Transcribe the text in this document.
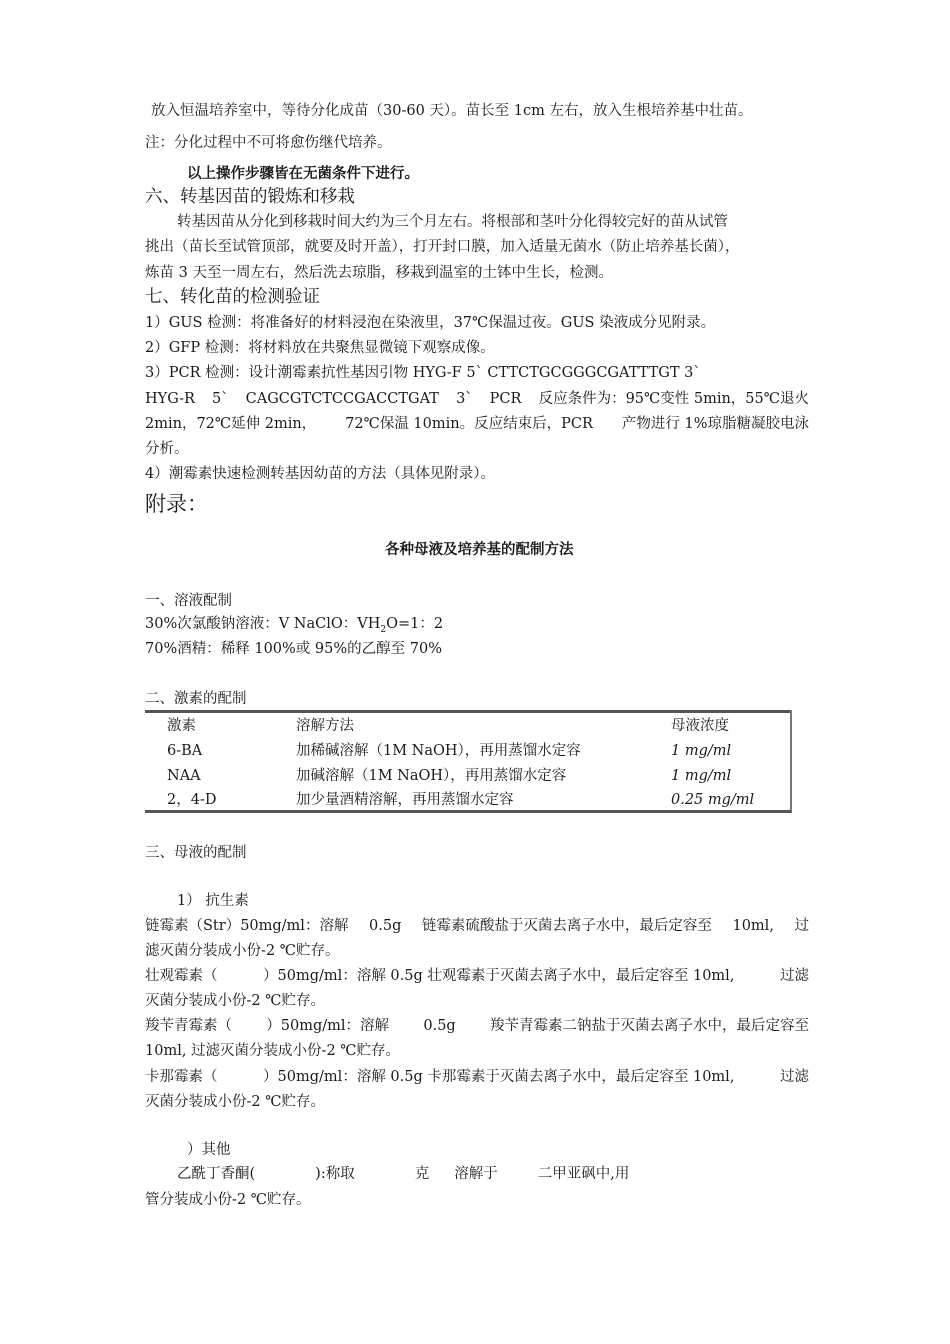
放入恒温培养室中，等待分化成苗（30-60 天）。苗长至 1cm 左右，放入生根培养基中壮苗。
注：分化过程中不可将愈伤继代培养。
以上操作步骤皆在无菌条件下进行。
六、转基因苗的锻炼和移栽
转基因苗从分化到移栽时间大约为三个月左右。将根部和茎叶分化得较完好的苗从试管
挑出（苗长至试管顶部，就要及时开盖），打开封口膜，加入适量无菌水（防止培养基长菌），
炼苗 3 天至一周左右，然后洗去琼脂，移栽到温室的土钵中生长，检测。
七、转化苗的检测验证
1）GUS 检测：将准备好的材料浸泡在染液里，37℃保温过夜。GUS 染液成分见附录。
2）GFP 检测：将材料放在共聚焦显微镜下观察成像。
3）PCR 检测：设计潮霉素抗性基因引物 HYG-F 5` CTTCTGCGGGCGATTTGT 3`
HYG-R 5` CAGCGTCTCCGACCTGAT 3` PCR 反应条件为：95℃变性 5min，55℃退火
2min，72℃延伸 2min， 72℃保温 10min。反应结束后，PCR 产物进行 1%琼脂糖凝胶电泳
分析。
4）潮霉素快速检测转基因幼苗的方法（具体见附录）。
附录：
各种母液及培养基的配制方法
一、溶液配制
30%次氯酸钠溶液：V NaClO：$VH_2O=1$：2
70%酒精：稀释 100%或 95%的乙醇至 70%
二、激素的配制
激素	溶解方法	母液浓度
6-BA	加稀碱溶解（1M NaOH），再用蒸馏水定容	1 mg/ml
NAA	加碱溶解（1M NaOH），再用蒸馏水定容	1 mg/ml
2，4-D	加少量酒精溶解，再用蒸馏水定容	0.25 mg/ml
三、母液的配制
1） 抗生素
链霉素（Str）50mg/ml：溶解 0.5g 链霉素硫酸盐于灭菌去离子水中，最后定容至 10ml, 过
滤灭菌分装成小份-2 ℃贮存。
壮观霉素（	）50mg/ml：溶解 0.5g 壮观霉素于灭菌去离子水中，最后定容至 10ml,	过滤
灭菌分装成小份-2 ℃贮存。
羧苄青霉素（ ）50mg/ml：溶解 0.5g 羧苄青霉素二钠盐于灭菌去离子水中，最后定容至
10ml, 过滤灭菌分装成小份-2 ℃贮存。
卡那霉素（	）50mg/ml：溶解 0.5g 卡那霉素于灭菌去离子水中，最后定容至 10ml,	过滤
灭菌分装成小份-2 ℃贮存。
）其他
乙酰丁香酮(	):称取	克 溶解于	二甲亚砜中,用
管分装成小份-2 ℃贮存。
